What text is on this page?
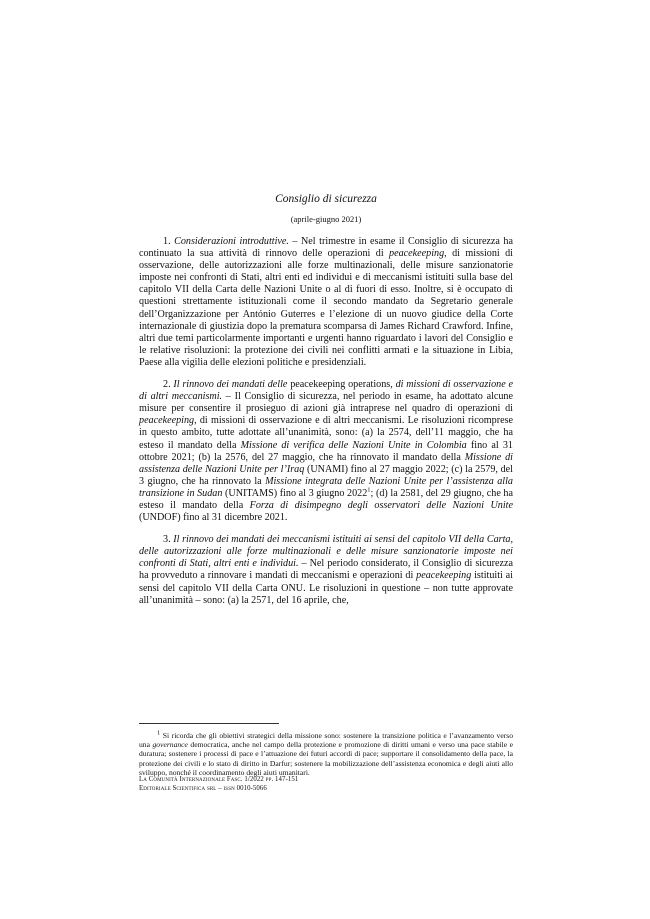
Consiglio di sicurezza
(aprile-giugno 2021)

1. Considerazioni introduttive. – Nel trimestre in esame il Consiglio di sicurezza ha continuato la sua attività di rinnovo delle operazioni di peacekeeping, di missioni di osservazione, delle autorizzazioni alle forze multinazionali, delle misure sanzionatorie imposte nei confronti di Stati, altri enti ed individui e di meccanismi istituiti sulla base del capitolo VII della Carta delle Nazioni Unite o al di fuori di esso. Inoltre, si è occupato di questioni strettamente istituzionali come il secondo mandato da Segretario generale dell’Organizzazione per António Guterres e l’elezione di un nuovo giudice della Corte internazionale di giustizia dopo la prematura scomparsa di James Richard Crawford. Infine, altri due temi particolarmente importanti e urgenti hanno riguardato i lavori del Consiglio e le relative risoluzioni: la protezione dei civili nei conflitti armati e la situazione in Libia, Paese alla vigilia delle elezioni politiche e presidenziali.

2. Il rinnovo dei mandati delle peacekeeping operations, di missioni di osservazione e di altri meccanismi. – Il Consiglio di sicurezza, nel periodo in esame, ha adottato alcune misure per consentire il prosieguo di azioni già intraprese nel quadro di operazioni di peacekeeping, di missioni di osservazione e di altri meccanismi. Le risoluzioni ricomprese in questo ambito, tutte adottate all’unanimità, sono: (a) la 2574, dell’11 maggio, che ha esteso il mandato della Missione di verifica delle Nazioni Unite in Colombia fino al 31 ottobre 2021; (b) la 2576, del 27 maggio, che ha rinnovato il mandato della Missione di assistenza delle Nazioni Unite per l’Iraq (UNAMI) fino al 27 maggio 2022; (c) la 2579, del 3 giugno, che ha rinnovato la Missione integrata delle Nazioni Unite per l’assistenza alla transizione in Sudan (UNITAMS) fino al 3 giugno 2022$^1$; (d) la 2581, del 29 giugno, che ha esteso il mandato della Forza di disimpegno degli osservatori delle Nazioni Unite (UNDOF) fino al 31 dicembre 2021.

3. Il rinnovo dei mandati dei meccanismi istituiti ai sensi del capitolo VII della Carta, delle autorizzazioni alle forze multinazionali e delle misure sanzionatorie imposte nei confronti di Stati, altri enti e individui. – Nel periodo considerato, il Consiglio di sicurezza ha provveduto a rinnovare i mandati di meccanismi e operazioni di peacekeeping istituiti ai sensi del capitolo VII della Carta ONU. Le risoluzioni in questione – non tutte approvate all’unanimità – sono: (a) la 2571, del 16 aprile, che,

$^1$ Si ricorda che gli obiettivi strategici della missione sono: sostenere la transizione politica e l’avanzamento verso una governance democratica, anche nel campo della protezione e promozione di diritti umani e verso una pace stabile e duratura; sostenere i processi di pace e l’attuazione dei futuri accordi di pace; supportare il consolidamento della pace, la protezione dei civili e lo stato di diritto in Darfur; sostenere la mobilizzazione dell’assistenza economica e degli aiuti allo sviluppo, nonché il coordinamento degli aiuti umanitari.

La Comunità Internazionale Fasc. 1/2022 pp. 147-151
Editoriale Scientifica srl – issn 0010-5066
